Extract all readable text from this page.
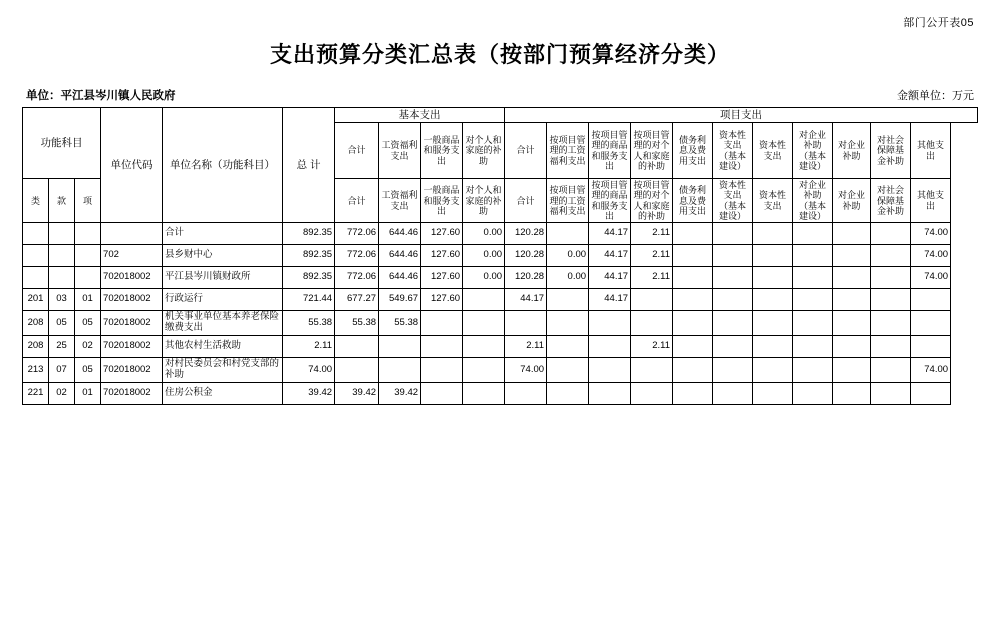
部门公开表05
支出预算分类汇总表（按部门预算经济分类）
单位：平江县岑川镇人民政府	金额单位：万元
功能科目			单位代码	单位名称（功能科目）	总 计	基本支出				项目支出										
						合计	工资福利支出	一般商品和服务支出	对个人和家庭的补助	合计	按项目管理的工资福利支出	按项目管理的商品和服务支出	按项目管理的对个人和家庭的补助	债务利息及费用支出	资本性支出（基本建设）	资本性支出	对企业补助（基本建设）	对企业补助	对社会保障基金补助	其他支出
类	款	项				合计	工资福利支出	一般商品和服务支出	对个人和家庭的补助	合计	按项目管理的工资福利支出	按项目管理的商品和服务支出	按项目管理的对个人和家庭的补助	债务利息及费用支出	资本性支出（基本建设）	资本性支出	对企业补助（基本建设）	对企业补助	对社会保障基金补助	其他支出
				合计	892.35	772.06	644.46	127.60	0.00	120.28		44.17	2.11							74.00
			702	县乡财中心	892.35	772.06	644.46	127.60	0.00	120.28	0.00	44.17	2.11							74.00
			702018002	平江县岑川镇财政所	892.35	772.06	644.46	127.60	0.00	120.28	0.00	44.17	2.11							74.00
201	03	01	702018002	行政运行	721.44	677.27	549.67	127.60		44.17		44.17								
208	05	05	702018002	机关事业单位基本养老保险缴费支出	55.38	55.38	55.38													
208	25	02	702018002	其他农村生活救助	2.11					2.11			2.11							
213	07	05	702018002	对村民委员会和村党支部的补助	74.00					74.00										74.00
221	02	01	702018002	住房公积金	39.42	39.42	39.42													
